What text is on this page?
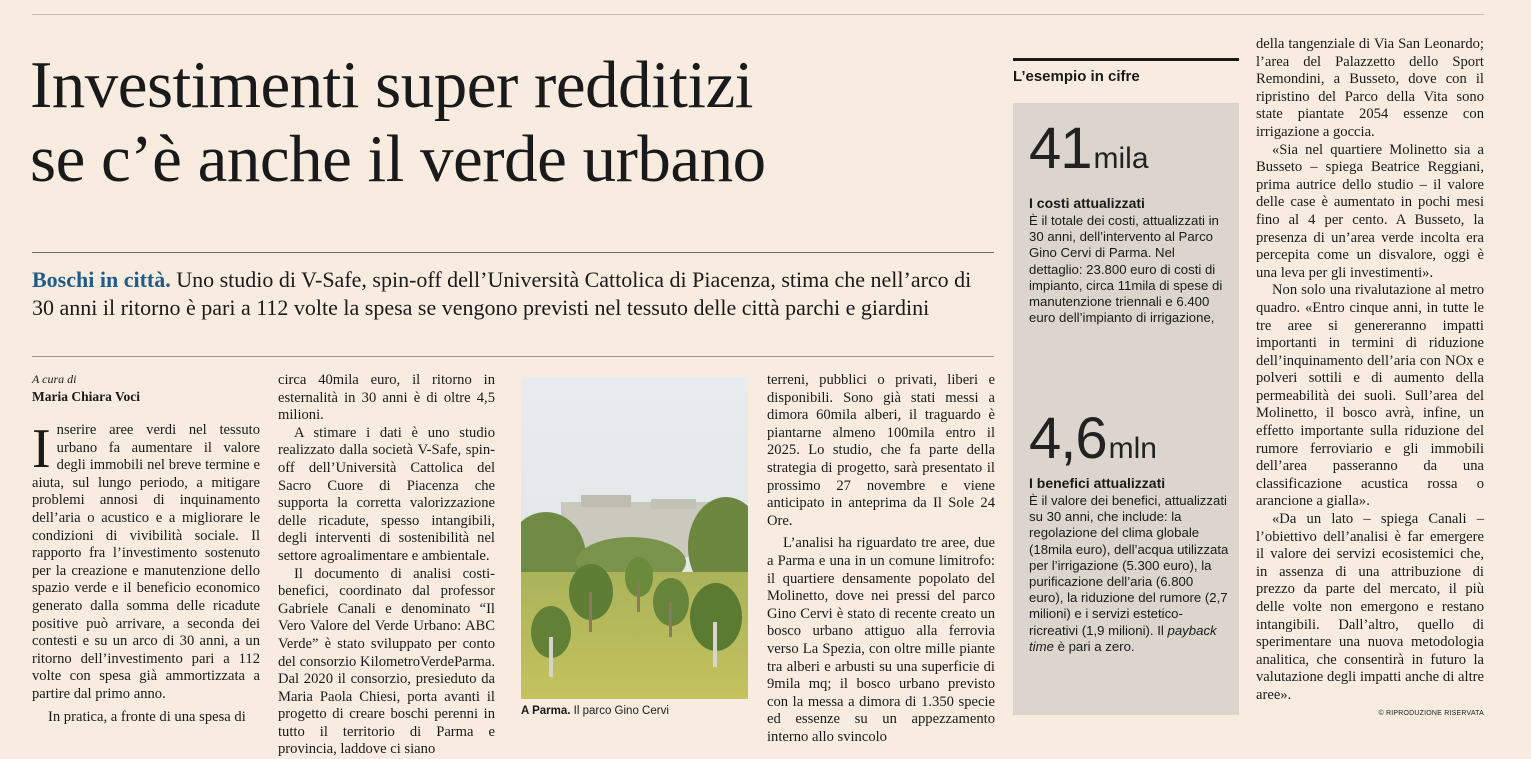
Investimenti super redditizi
se c’è anche il verde urbano
Boschi in città. Uno studio di V-Safe, spin-off dell’Università Cattolica di Piacenza, stima che nell’arco di 30 anni il ritorno è pari a 112 volte la spesa se vengono previsti nel tessuto delle città parchi e giardini
A cura di
Maria Chiara Voci

Inserire aree verdi nel tessuto urbano fa aumentare il valore degli immobili nel breve termine e aiuta, sul lungo periodo, a mitigare problemi annosi di inquinamento dell’aria o acustico e a migliorare le condizioni di vivibilità sociale. Il rapporto fra l’investimento sostenuto per la creazione e manutenzione dello spazio verde e il beneficio economico generato dalla somma delle ricadute positive può arrivare, a seconda dei contesti e su un arco di 30 anni, a un ritorno dell’investimento pari a 112 volte con spesa già ammortizzata a partire dal primo anno.

In pratica, a fronte di una spesa di

circa 40mila euro, il ritorno in esternalità in 30 anni è di oltre 4,5 milioni.

A stimare i dati è uno studio realizzato dalla società V-Safe, spin-off dell’Università Cattolica del Sacro Cuore di Piacenza che supporta la corretta valorizzazione delle ricadute, spesso intangibili, degli interventi di sostenibilità nel settore agroalimentare e ambientale.

Il documento di analisi costi-benefici, coordinato dal professor Gabriele Canali e denominato “Il Vero Valore del Verde Urbano: ABC Verde” è stato sviluppato per conto del consorzio KilometroVerdeParma. Dal 2020 il consorzio, presieduto da Maria Paola Chiesi, porta avanti il progetto di creare boschi perenni in tutto il territorio di Parma e provincia, laddove ci siano

A Parma. Il parco Gino Cervi

terreni, pubblici o privati, liberi e disponibili. Sono già stati messi a dimora 60mila alberi, il traguardo è piantarne almeno 100mila entro il 2025. Lo studio, che fa parte della strategia di progetto, sarà presentato il prossimo 27 novembre e viene anticipato in anteprima da Il Sole 24 Ore.

L’analisi ha riguardato tre aree, due a Parma e una in un comune limitrofo: il quartiere densamente popolato del Molinetto, dove nei pressi del parco Gino Cervi è stato di recente creato un bosco urbano attiguo alla ferrovia verso La Spezia, con oltre mille piante tra alberi e arbusti su una superficie di 9mila mq; il bosco urbano previsto con la messa a dimora di 1.350 specie ed essenze su un appezzamento interno allo svincolo

L’esempio in cifre
41mila
I costi attualizzati
È il totale dei costi, attualizzati in 30 anni, dell’intervento al Parco Gino Cervi di Parma. Nel dettaglio: 23.800 euro di costi di impianto, circa 11mila di spese di manutenzione triennali e 6.400 euro dell’impianto di irrigazione,
4,6mln
I benefici attualizzati
È il valore dei benefici, attualizzati su 30 anni, che include: la regolazione del clima globale (18mila euro), dell’acqua utilizzata per l’irrigazione (5.300 euro), la purificazione dell’aria (6.800 euro), la riduzione del rumore (2,7 milioni) e i servizi estetico-ricreativi (1,9 milioni). Il payback time è pari a zero.

della tangenziale di Via San Leonardo; l’area del Palazzetto dello Sport Remondini, a Busseto, dove con il ripristino del Parco della Vita sono state piantate 2054 essenze con irrigazione a goccia.

«Sia nel quartiere Molinetto sia a Busseto – spiega Beatrice Reggiani, prima autrice dello studio – il valore delle case è aumentato in pochi mesi fino al 4 per cento. A Busseto, la presenza di un’area verde incolta era percepita come un disvalore, oggi è una leva per gli investimenti».

Non solo una rivalutazione al metro quadro. «Entro cinque anni, in tutte le tre aree si genereranno impatti importanti in termini di riduzione dell’inquinamento dell’aria con NOx e polveri sottili e di aumento della permeabilità dei suoli. Sull’area del Molinetto, il bosco avrà, infine, un effetto importante sulla riduzione del rumore ferroviario e gli immobili dell’area passeranno da una classificazione acustica rossa o arancione a gialla».

«Da un lato – spiega Canali – l’obiettivo dell’analisi è far emergere il valore dei servizi ecosistemici che, in assenza di una attribuzione di prezzo da parte del mercato, il più delle volte non emergono e restano intangibili. Dall’altro, quello di sperimentare una nuova metodologia analitica, che consentirà in futuro la valutazione degli impatti anche di altre aree».

© RIPRODUZIONE RISERVATA
